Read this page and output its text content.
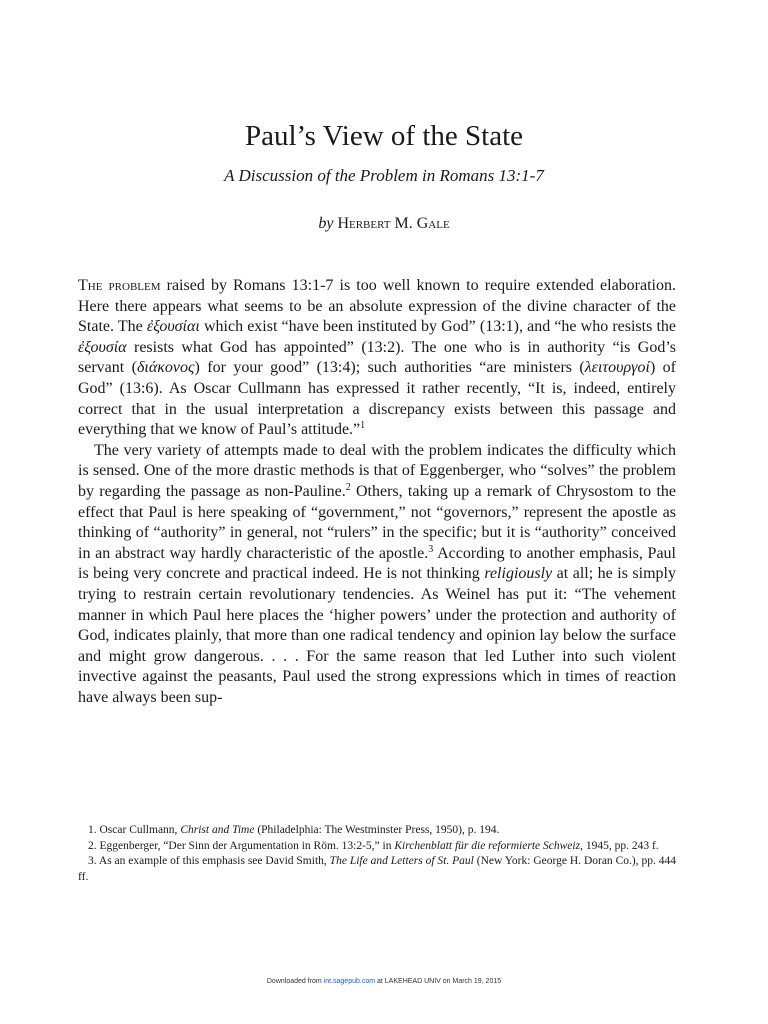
Paul’s View of the State
A Discussion of the Problem in Romans 13:1-7
by Herbert M. Gale

The problem raised by Romans 13:1-7 is too well known to require extended elaboration. Here there appears what seems to be an absolute expression of the divine character of the State. The ἐξουσίαι which exist “have been instituted by God” (13:1), and “he who resists the ἐξουσία resists what God has appointed” (13:2). The one who is in authority “is God’s servant (διάκονος) for your good” (13:4); such authorities “are ministers (λειτουργοί) of God” (13:6). As Oscar Cullmann has expressed it rather recently, “It is, indeed, entirely correct that in the usual interpretation a discrepancy exists between this passage and everything that we know of Paul’s attitude.”$^1$

The very variety of attempts made to deal with the problem indicates the difficulty which is sensed. One of the more drastic methods is that of Eggenberger, who “solves” the problem by regarding the passage as non-Pauline.$^2$ Others, taking up a remark of Chrysostom to the effect that Paul is here speaking of “government,” not “governors,” represent the apostle as thinking of “authority” in general, not “rulers” in the specific; but it is “authority” conceived in an abstract way hardly characteristic of the apostle.$^3$ According to another emphasis, Paul is being very concrete and practical indeed. He is not thinking religiously at all; he is simply trying to restrain certain revolutionary tendencies. As Weinel has put it: “The vehement manner in which Paul here places the ‘higher powers’ under the protection and authority of God, indicates plainly, that more than one radical tendency and opinion lay below the surface and might grow dangerous. . . . For the same reason that led Luther into such violent invective against the peasants, Paul used the strong expressions which in times of reaction have always been sup-

1. Oscar Cullmann, Christ and Time (Philadelphia: The Westminster Press, 1950), p. 194.

2. Eggenberger, “Der Sinn der Argumentation in Röm. 13:2-5,” in Kirchenblatt für die reformierte Schweiz, 1945, pp. 243 f.

3. As an example of this emphasis see David Smith, The Life and Letters of St. Paul (New York: George H. Doran Co.), pp. 444 ff.

Downloaded from int.sagepub.com at LAKEHEAD UNIV on March 19, 2015
